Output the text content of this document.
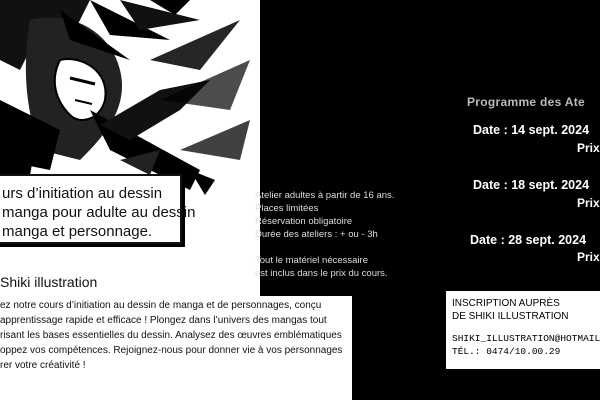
urs d’initiation au dessin
manga pour adulte au dessin
manga et personnage.
Shiki illustration
ez notre cours d’initiation au dessin de manga et de personnages, conçu
apprentissage rapide et efficace ! Plongez dans l’univers des mangas tout
risant les bases essentielles du dessin. Analysez des œuvres emblématiques
oppez vos compétences. Rejoignez-nous pour donner vie à vos personnages
rer votre créativité !
Atelier adultes à partir de 16 ans.
Places limitées
Réservation obligatoire
Durée des ateliers : + ou - 3h
Tout le matériel nécessaire
est inclus dans le prix du cours.
Programme des Ate
Date : 14 sept. 2024
Prix
Date : 18 sept. 2024
Prix
Date : 28 sept. 2024
Prix
INSCRIPTION AUPRÈS
DE SHIKI ILLUSTRATION
SHIKI_ILLUSTRATION@HOTMAIL
TÉL.: 0474/10.00.29
